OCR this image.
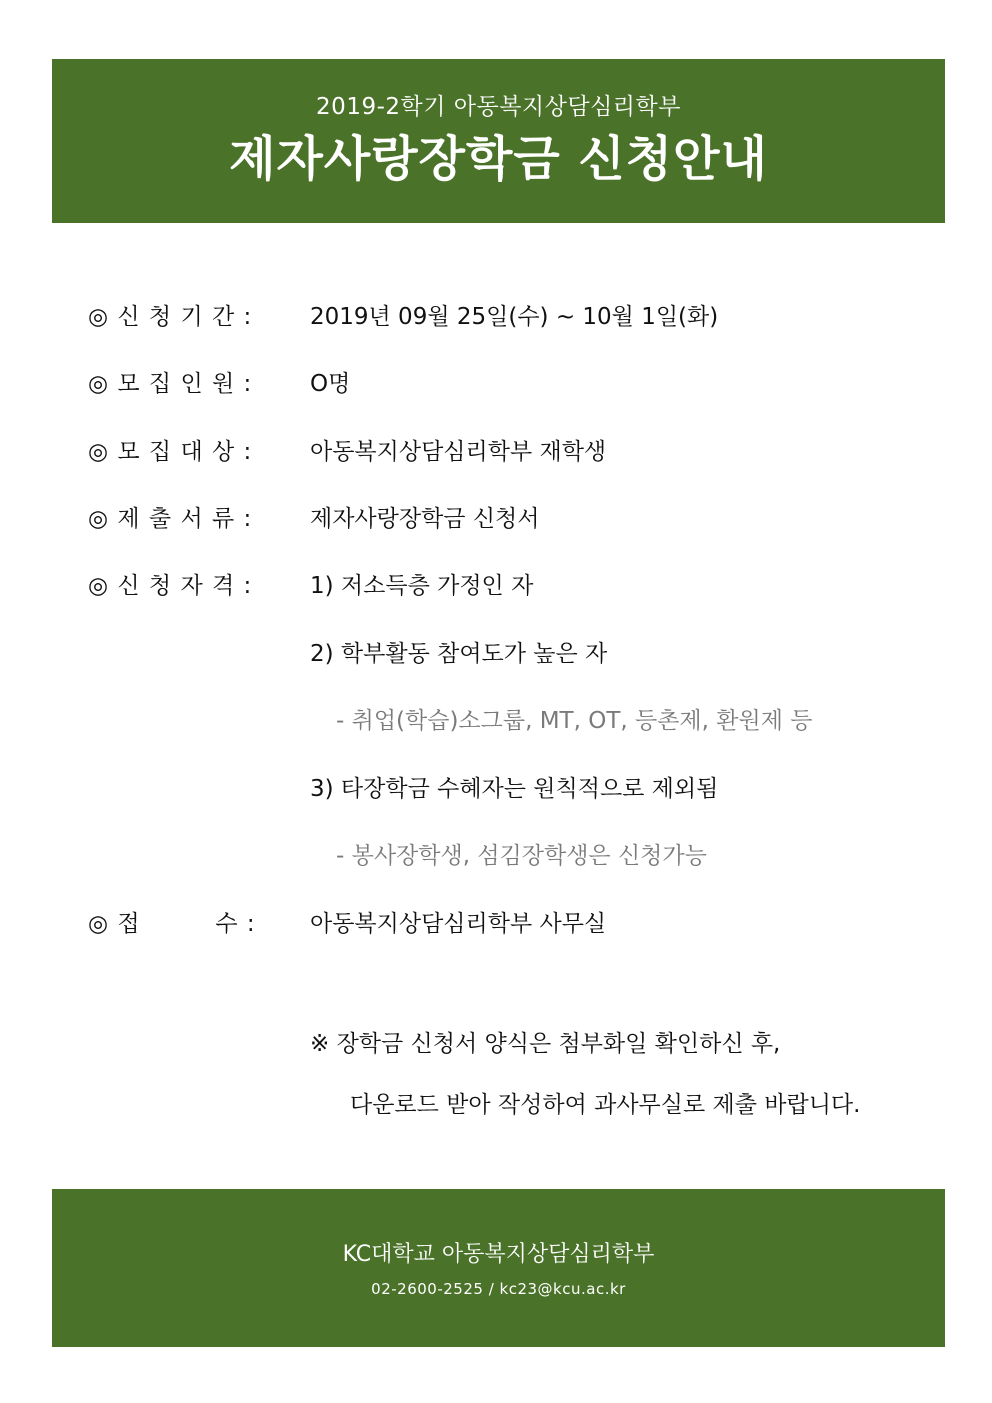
2019-2학기 아동복지상담심리학부
제자사랑장학금 신청안내
◎ 신 청 기 간 :	2019년 09월 25일(수) ~ 10월 1일(화)
◎ 모 집 인 원 :	O명
◎ 모 집 대 상 :	아동복지상담심리학부 재학생
◎ 제 출 서 류 :	제자사랑장학금 신청서
◎ 신 청 자 격 :	1) 저소득층 가정인 자
2) 학부활동 참여도가 높은 자
- 취업(학습)소그룹, MT, OT, 등촌제, 환원제 등
3) 타장학금 수혜자는 원칙적으로 제외됨
- 봉사장학생, 섬김장학생은 신청가능
◎ 접         수 :	아동복지상담심리학부 사무실
※ 장학금 신청서 양식은 첨부화일 확인하신 후,
다운로드 받아 작성하여 과사무실로 제출 바랍니다.
KC대학교 아동복지상담심리학부
02-2600-2525 / kc23@kcu.ac.kr
